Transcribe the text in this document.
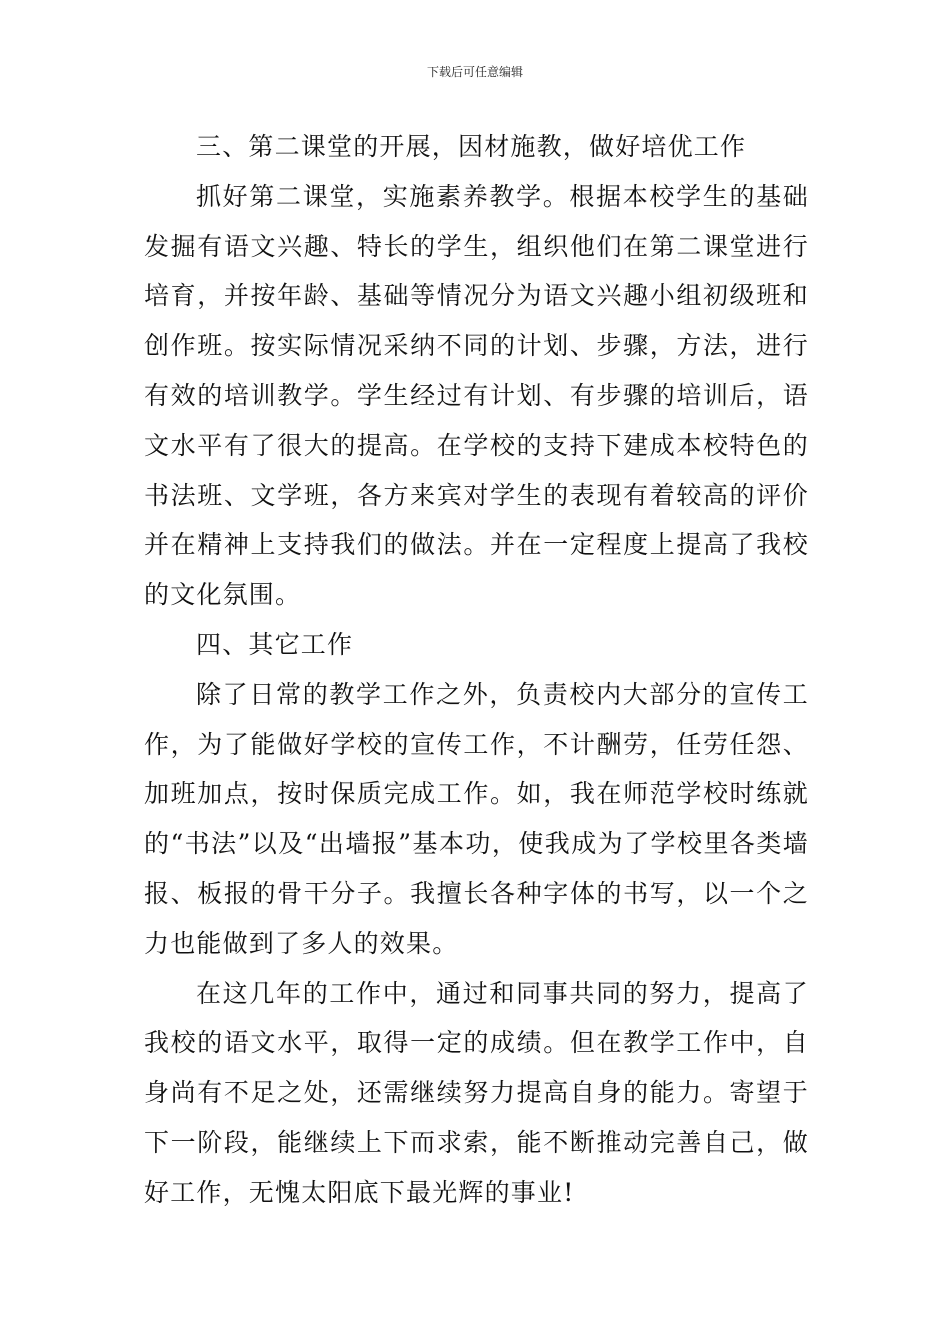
下载后可任意编辑

三、第二课堂的开展，因材施教，做好培优工作

抓好第二课堂，实施素养教学。根据本校学生的基础发掘有语文兴趣、特长的学生，组织他们在第二课堂进行培育，并按年龄、基础等情况分为语文兴趣小组初级班和创作班。按实际情况采纳不同的计划、步骤，方法，进行有效的培训教学。学生经过有计划、有步骤的培训后，语文水平有了很大的提高。在学校的支持下建成本校特色的书法班、文学班，各方来宾对学生的表现有着较高的评价并在精神上支持我们的做法。并在一定程度上提高了我校的文化氛围。

四、其它工作

除了日常的教学工作之外，负责校内大部分的宣传工作，为了能做好学校的宣传工作，不计酬劳，任劳任怨、加班加点，按时保质完成工作。如，我在师范学校时练就的“书法”以及“出墙报”基本功，使我成为了学校里各类墙报、板报的骨干分子。我擅长各种字体的书写，以一个之力也能做到了多人的效果。

在这几年的工作中，通过和同事共同的努力，提高了我校的语文水平，取得一定的成绩。但在教学工作中，自身尚有不足之处，还需继续努力提高自身的能力。寄望于下一阶段，能继续上下而求索，能不断推动完善自己，做好工作，无愧太阳底下最光辉的事业!
